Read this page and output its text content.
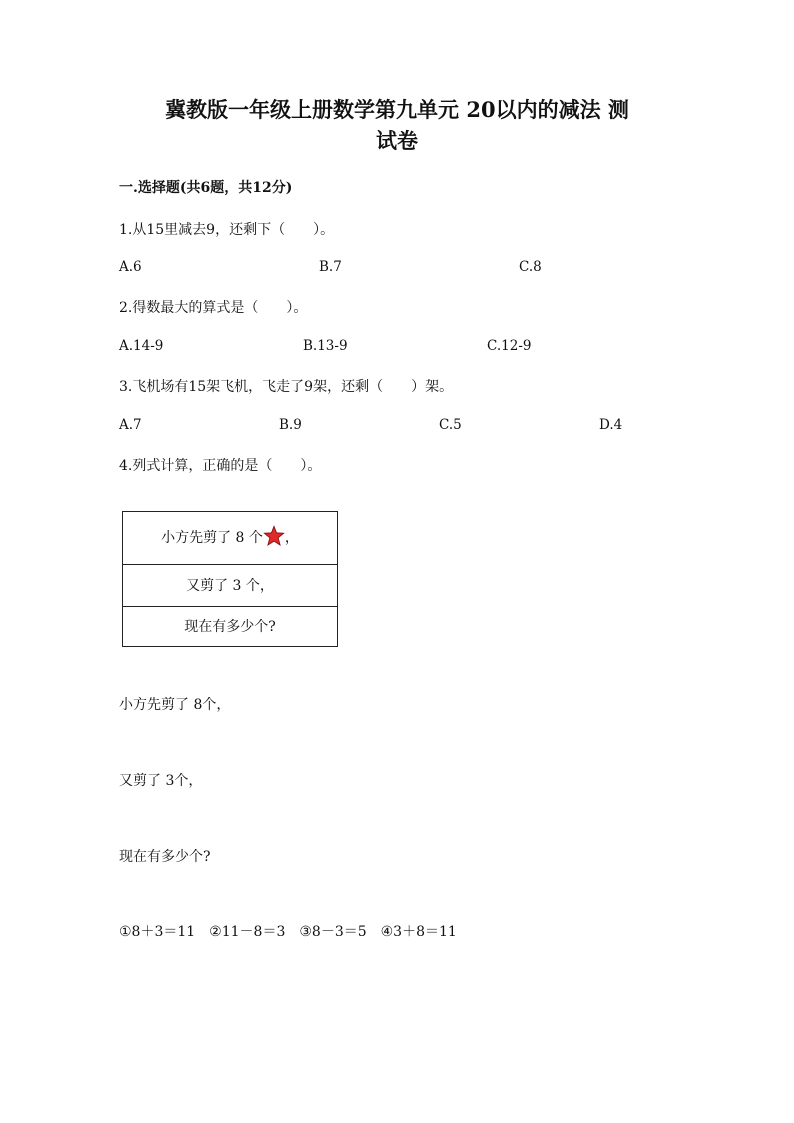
冀教版一年级上册数学第九单元 20以内的减法 测
试卷
一.选择题(共6题，共12分)
1.从15里减去9，还剩下（　　）。
A.6	B.7	C.8
2.得数最大的算式是（　　）。
A.14-9	B.13-9	C.12-9
3.飞机场有15架飞机，飞走了9架，还剩（　　）架。
A.7	B.9	C.5	D.4
4.列式计算，正确的是（　　）。
小方先剪了 8 个 ，
又剪了 3 个，
现在有多少个?
小方先剪了 8个，
又剪了 3个，
现在有多少个?
①8＋3＝11　②11－8＝3　③8－3＝5　④3＋8＝11
